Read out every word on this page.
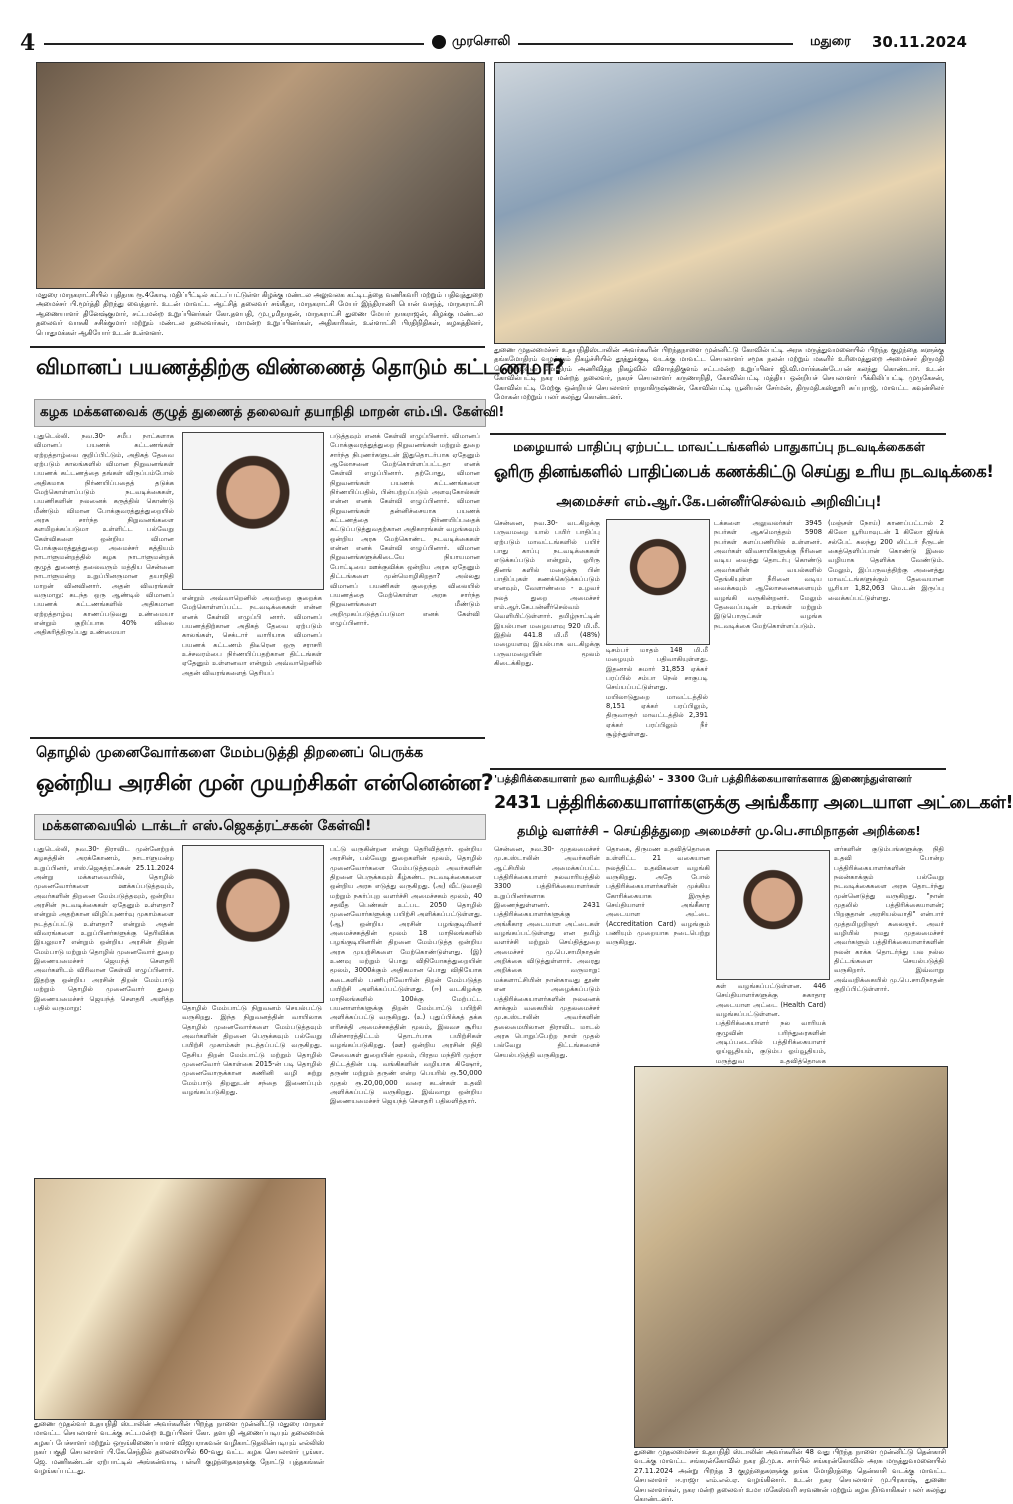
4	முரசொலி	மதுரை 30.11.2024
மதுரை மாநகராட்சியில் புதிதாக ரூ.4கோடி மதிப்பீட்டில் கட்டப்பட்டுள்ள கிழக்கு மண்டல அலுவலக கட்டிடத்தை வணிகவரி மற்றும் பதிவுத்துறை அமைச்சர் பி.மூர்த்தி திறந்து வைத்தார். உடன் மாவட்ட ஆட்சித் தலைவர் சங்கீதா, மாநகராட்சி மேயர் இந்திராணி பொன் வசந்த், மாநகராட்சி ஆணையாளர் தினேஷ்குமார், சட்டமன்ற உறுப்பினர்கள் கோ.தளபதி, மு.பூமிநாதன், மாநகராட்சி துணை மேயர் நாகராஜன், கிழக்கு மண்டல தலைவர் வாசுகி சசிக்குமார் மற்றும் மண்டல தலைவர்கள், மாமன்ற உறுப்பினர்கள், அதிகாரிகள், உள்ளாட்சி பிரதிநிதிகள், கழகத்தினர், பொதுமக்கள் ஆகியோர் உடன் உள்ளனர்.
துணை முதலமைச்சர் உதயநிதிஸ்டாலின் அவர்களின் பிறந்தநாளை முன்னிட்டு கோவில்பட்டி அரசு மருத்துவமனையில் பிறந்த குழந்தை களுக்கு தங்கமோதிரம் வழங்கும் நிகழ்ச்சியில் தூத்துக்குடி வடக்கு மாவட்ட செயலாளர் சமூக நலன் மற்றும் மகளிர் உரிமைத்துறை அமைச்சர் திருமதி பெ.கீதாஜீவன் மோதிரம் அணிவித்த நிகழ்வில் விளாத்திகுளம் சட்டமன்ற உறுப்பினர் ஜி.வி.மார்க்கண்டேயன் கலந்து கொண்டார். உடன் கோவில்பட்டி நகர மன்றத் தலைவர், நகரச் செயலாளர் கருணாநிதி, கோவில்பட்டி மத்திய ஒன்றியச் செயலாளர் பீக்கிலிப்பட்டி முருகேசன், கோவில்பட்டி மேற்கு ஒன்றியச் செயலாளர் ராதாகிருஷ்ணன், கோவில்பட்டி யூனியன் சேர்மன், திருமதி.கஸ்தூரி சுப்புராஜ், மாவட்ட கவுன்சிலர் மோகன் மற்றும் பலர் கலந்து கொண்டனர்.
விமானப் பயணத்திற்கு விண்ணைத் தொடும் கட்டணமா?
கழக மக்களவைக் குழுத் துணைத் தலைவர் தயாநிதி மாறன் எம்.பி. கேள்வி!
புதுடெல்லி. நவ.30- சமீப நாட்களாக விமானப் பயணக் கட்டணங்கள் ஏற்றத்தாழ்வை குறிப்பிட்டும், அதிகத் தேவை ஏற்படும் காலங்களில் விமான நிறுவனங்கள் பயணக் கட்டணத்தை தங்கள் விருப்பம்போல் அதிகமாக நிர்ணயிப்பதைத் தடுக்க மேற்கொள்ளப்படும் நடவடிக்கைகள், பயணிகளின் நலனைக் கருத்தில் கொண்டு மீண்டும் விமான போக்குவரத்துத்துறையில் அரசு சார்ந்த நிறுவனங்களை களமிறக்கப்படுமா உள்ளிட்ட பல்வேறு கேள்விகளை ஒன்றிய விமான போக்குவரத்துத்துறை அமைச்சர் கத்தியம் நாடாளுமன்றத்தில் கழக நாடாளுமன்றக் குழுத் துணைத் தலைவரும் மத்திய சென்னை நாடாளுமன்ற உறுப்பினருமான தயாநிதி மாறன் வினவினார். அதன் விவரங்கள் வருமாறு: கடந்த ஒரு ஆண்டில் விமானப் பயணக் கட்டணங்களில் அதிகமான ஏற்றத்தாழ்வு காணப்படுவது உண்மையா என்றும் குறிப்பாக 40% விலை அதிகரித்திருப்பது உண்மையா
என்றும் அவ்வாறெனில் அவற்றை குறைக்க மேற்கொள்ளப்பட்ட நடவடிக்கைகள் என்ன எனக் கேள்வி எழுப்பி னார். விமானப் பயணத்திற்கான அதிகத் தேவை ஏற்படும் காலங்கள், செக்டார் வாரியாக விமானப் பயணக் கட்டணம் திடீரென ஒரு சராசரி உச்சவரம்பை நிர்ணயிப்பதற்கான திட்டங்கள் ஏதேனும் உள்ளனவா என்றும் அவ்வாறெனில் அதன் விவரங்களைத் தெரியப்
படுத்தவும் எனக் கேள்வி எழுப்பினார். விமானப் போக்குவரத்துத்துறை நிறுவனங்கள் மற்றும் துறை சார்ந்த நிபுணர்களுடன் இதுதொடர்பாக ஏதேனும் ஆலோசனை மேற்கொள்ளப்பட்டதா எனக் கேள்வி எழுப்பினார். தற்போது, விமான நிறுவனங்கள் பயணக் கட்டணங்களை நிர்ணயிப்பதில், பின்பற்றப்படும் அளவுகோல்கள் என்ன எனக் கேள்வி எழுப்பினார். விமான நிறுவனங்கள் தன்னிச்சையாக பயணக் கட்டணத்தை நிர்ணயிப்பதைக் கட்டுப்படுத்துவதற்கான அதிகாரங்கள் வழங்கவும் ஒன்றிய அரசு மேற்கொண்ட நடவடிக்கைகள் என்ன எனக் கேள்வி எழுப்பினார். விமான நிறுவனங்களுக்கிடையே நியாயமான போட்டியை ஊக்குவிக்க ஒன்றிய அரசு ஏதேனும் திட்டங்களை முன்மொழிகிறதா? அல்லது விமானப் பயணிகள் குறைந்த விலையில் பயணத்தை மேற்கொள்ள அரசு சார்ந்த நிறுவனங்களை மீண்டும் அறிமுகப்படுத்தப்படுமா எனக் கேள்வி எழுப்பினார்.
மழையால் பாதிப்பு ஏற்பட்ட மாவட்டங்களில் பாதுகாப்பு நடவடிக்கைகள்
ஓரிரு தினங்களில் பாதிப்பைக் கணக்கிட்டு செய்து உரிய நடவடிக்கை!
அமைச்சர் எம்.ஆர்.கே.பன்னீர்செல்வம் அறிவிப்பு!
சென்னை, நவ.30- வடகிழக்கு பருவமழை யால் பயிர் பாதிப்பு ஏற்படும் மாவட்டங்களில் பயிர் பாது காப்பு நடவடிக்கைகள் எடுக்கப்படும் என்றும், ஓரிரு தினங் களில் மழைக்கு பின் பாதிப்புகள் கணக்கெடுக்கப்படும் எனவும், வேளாண்மை - உழவர் நலத் துறை அமைச்சர் எம்.ஆர்.கே.பன்னீர்செல்வம் வெளியிட்டுள்ளார். தமிழ்நாட்டின் இயல்பான மழையளவு 920 மி.மீ. இதில் 441.8 மி.மீ (48%) மழையளவு இயல்பாக வடகிழக்கு பருவமழையின் மூலம் கிடைக்கிறது.
டிசம்பர் மாதம் 148 மி.மீ மழையும் பதிவாகியுள்ளது. இதனால் சுமார் 31,853 ஏக்கர் பரப்பில் சம்பா நெல் சாகுபடி செய்யப்பட்டுள்ளது. மயிலாடுதுறை மாவட்டத்தில் 8,151 ஏக்கர் பரப்பிலும், திருவாரூர் மாவட்டத்தில் 2,391 ஏக்கர் பரப்பிலும் நீர் சூழ்ந்துள்ளது.
டக்களை அலுவலர்கள் 3945 நபர்கள் ஆகமொத்தம் 5908 நபர்கள் களப்பணியில் உள்ளனர். அவர்கள் விவசாயிகளுக்கு நீரினை வடிய வைத்து தொடர்பு கொண்டு அவர்களின் வயல்களில் தேங்கியுள்ள நீரினை வடிய வைக்கவும் ஆலோசனைகளையும் வழங்கி வருகின்றனர். மேலும் தேவைப்படின் உரங்கள் மற்றும் இடுபொருட்கள் வழங்க நடவடிக்கை மேற்கொள்ளப்படும்.
(மஞ்சள் நோய்) காணப்பட்டால் 2 கிலோ யூரியாவுடன் 1 கிலோ ஜிங்க் சல்பேட் கலந்து 200 லிட்டர் நீருடன் கைத்தெளிப்பான் கொண்டு இலை வழியாக தெளிக்க வேண்டும். மேலும், இப்பருவத்திற்கு அனைத்து மாவட்டங்களுக்கும் தேவையான யூரியா 1,82,063 மெ.டன் இருப்பு வைக்கப்பட்டுள்ளது.
தொழில் முனைவோர்களை மேம்படுத்தி திறனைப் பெருக்க
ஒன்றிய அரசின் முன் முயற்சிகள் என்னென்ன?
மக்களவையில் டாக்டர் எஸ்.ஜெகத்ரட்சகன் கேள்வி!
புதுடெல்லி, நவ.30- திராவிட முன்னேற்றக் கழகத்தின் அரக்கோணம், நாடாளுமன்ற உறுப்பினர், எஸ்.ஜெகத்ரட்சகன் 25.11.2024 அன்று மக்களவையில், தொழில் முனைவோர்களை ஊக்கப்படுத்தவும், அவர்களின் திறனை மேம்படுத்தவும், ஒன்றிய அரசின் நடவடிக்கைகள் ஏதேனும் உள்ளதா? என்றும் அதற்கான விழிப்புணர்வு முகாம்களை நடத்தப்பட்டு உள்ளதா? என்றும் அதன் விவரங்களை உறுப்பினர்களுக்கு தெரிவிக்க இயலுமா? என்றும் ஒன்றிய அரசின் திறன் மேம்பாடு மற்றும் தொழில் முனைவோர் துறை இணையமைச்சர் ஜெயந்த் சௌதரி அவர்களிடம் விரிவான கேள்வி எழுப்பினார். இதற்கு ஒன்றிய அரசின் திறன் மேம்பாடு மற்றும் தொழில் முனைவோர் துறை இணையமைச்சர் ஜெயந்த் சௌதரி அளித்த பதில் வருமாறு:	தொழில் மேம்பாட்டு நிறுவனம் செயல்பட்டு வருகிறது. இந்த நிறுவனத்தின் வாயிலாக தொழில் முனைவோர்களை மேம்படுத்தவும் அவர்களின் திறனை பெருக்கவும் பல்வேறு பயிற்சி முகாம்கள் நடத்தப்பட்டு வருகிறது. தேசிய திறன் மேம்பாட்டு மற்றும் தொழில் முனைவோர் கொள்கை 2015-ன் படி தொழில் முனைவோருக்கான கணினி வழி சுற்று மேம்பாடு திறனுடன் சந்தை இணைப்பும் வழங்கப்படுகிறது.
பட்டு வருகின்றன என்று தெரிவித்தார். ஒன்றிய அரசின், பல்வேறு துறைகளின் மூலம், தொழில் முனைவோர்களை மேம்படுத்தவும் அவர்களின் திறனை பெருக்கவும் கீழ்கண்ட நடவடிக்கைகளை ஒன்றிய அரசு எடுத்து வருகிறது. (அ) வீட்டுவசதி மற்றும் நகர்ப்புற வளர்ச்சி அமைச்சகம் மூலம், 40 சதவீத பெண்கள் உட்பட 2050 தொழில் முனைவோர்களுக்கு பயிற்சி அளிக்கப்பட்டுள்ளது. (ஆ) ஒன்றிய அரசின் பழங்குடியினர் அமைச்சகத்தின் மூலம் 18 மாநிலங்களில் பழங்குடியினரின் திறனை மேம்படுத்த ஒன்றிய அரசு முயற்சிகளை மேற்கொண்டுள்ளது. (இ) உணவு மற்றும் பொது விநியோகத்துறையின் மூலம், 3000க்கும் அதிகமான பொது விநியோக கடைகளில் பணிபுரிவோரின் திறன் மேம்படுத்த பயிற்சி அளிக்கப்பட்டுள்ளது. (ஈ) வடகிழக்கு மாநிலங்களில் 100க்கு மேற்பட்ட பயனாளர்களுக்கு திறன் மேம்பாட்டு பயிற்சி அளிக்கப்பட்டு வருகிறது. (உ) புதுப்பிக்கத் தக்க எரிசக்தி அமைச்சகத்தின் மூலம், இலவச சூரிய மின்சாரத்திட்டம் தொடர்பாக பயிற்சிகள் வழங்கப்படுகிறது. (ஊ) ஒன்றிய அரசின் நிதி சேவைகள் துறையின் மூலம், பிரதம மந்திரி முத்ரா திட்டத்தின் படி வங்கிகளின் வழியாக கிஷோர், தருண் மற்றும் தருண் என்ற பெயரில் ரூ.50,000 முதல் ரூ.20,00,000 வரை கடன்கள் உதவி அளிக்கப்பட்டு வருகிறது. இவ்வாறு ஒன்றிய இணையமைச்சர் ஜெயந்த் சௌதரி பதிலளித்தார்.
'பத்திரிக்கையாளர் நல வாரியத்தில்' – 3300 பேர் பத்திரிக்கையாளர்களாக இணைந்துள்ளனர்
2431 பத்திரிக்கையாளர்களுக்கு அங்கீகார அடையாள அட்டைகள்!
தமிழ் வளர்ச்சி – செய்தித்துறை அமைச்சர் மு.பெ.சாமிநாதன் அறிக்கை!
சென்னை, நவ.30- முதலமைச்சர் மு.க.ஸ்டாலின் அவர்களின் ஆட்சியில் அமைக்கப்பட்ட பத்திரிக்கையாளர் நலவாரியத்தில் 3300 பத்திரிக்கையாளர்கள் உறுப்பினர்களாக இணைந்துள்ளனர். 2431 பத்திரிக்கையாளர்களுக்கு அங்கீகார அடையாள அட்டைகள் வழங்கப்பட்டுள்ளது என தமிழ் வளர்ச்சி மற்றும் செய்தித்துறை அமைச்சர் மு.பெ.சாமிநாதன் அறிக்கை விடுத்துள்ளார். அவரது அறிக்கை வருமாறு: மக்களாட்சியின் நான்காவது தூண் என அழைக்கப்படும் பத்திரிக்கையாளர்களின் நலனைக் காக்கும் வகையில் முதலமைச்சர் மு.க.ஸ்டாலின் அவர்களின் தலைமையிலான திராவிட மாடல் அரசு பொறுப்பேற்ற நாள் முதல் பல்வேறு திட்டங்களைச் செயல்படுத்தி வருகிறது.
தொகை, திருமண உதவித்தொகை உள்ளிட்ட 21 வகையான நலத்திட்ட உதவிகளை வழங்கி வருகிறது. அதே போல் பத்திரிக்கையாளர்களின் முக்கிய கோரிக்கையாக இருந்த செய்தியாளர் அங்கீகார அடையாள அட்டை (Accreditation Card) வழங்கும் பணியும் முறையாக நடைபெற்று வருகிறது.
கள் வழங்கப்பட்டுள்ளன. 446 செய்தியாளர்களுக்கு சுகாதார அடையாள அட்டை (Health Card) வழங்கப்பட்டுள்ளன. பத்திரிக்கையாளர் நல வாரியக் குழுவின் பரிந்துரைகளின் அடிப்படையில் பத்திரிக்கையாளர் ஓய்வூதியம், குடும்ப ஓய்வூதியம், மருத்துவ உதவித்தொகை
ளர்களின் குடும்பங்களுக்கு நிதி உதவி போன்ற பத்திரிக்கையாளர்களின் நலன்காக்கும் பல்வேறு நடவடிக்கைகளை அரசு தொடர்ந்து முன்னெடுத்து வருகிறது. "நான் முதலில் பத்திரிக்கையாளன்; பிறகுதான் அரசியல்வாதி" என்பார் முத்தமிழறிஞர் கலைஞர். அவர் வழியில் நமது முதலமைச்சர் அவர்களும் பத்திரிக்கையாளர்களின் நலன் காக்க தொடர்ந்து பல நல்ல திட்டங்களை செயல்படுத்தி வருகிறார். இவ்வாறு அவ்வறிக்கையில் மு.பெ.சாமிநாதன் குறிப்பிட்டுள்ளார்.
துணை முதல்வர் உதயநிதி ஸ்டாலின் அவர்களின் பிறந்த நாளை முன்னிட்டு மதுரை மாநகர் மாவட்ட செயலாளர் வடக்கு சட்டமன்ற உறுப்பினர் கோ. தளபதி ஆணைப்படியும் தலைமைக் கழகப் பேச்சாளர் மற்றும் ஒருங்கிணைப்பாளர் விஜயராகவன் வழிகாட்டுதலின்படியும் எல்லிஸ் நகர் பகுதி செயலாளர் பி.கே.செந்தில் தலைமையில் 60-வது வட்ட கழக செயலாளர் பூங்கா. ஜெ. மணிகண்டன் ஏற்பாட்டில் அங்கன்வாடி பள்ளி குழந்தைகளுக்கு நோட்டு புத்தகங்கள் வழங்கப்பட்டது.
துணை முதலமைச்சர் உதயநிதி ஸ்டாலின் அவர்களின் 48 வது பிறந்த நாளை முன்னிட்டு தென்காசி வடக்கு மாவட்ட சங்கரன்கோவில் நகர தி.மு.க. சார்பில் சங்கரன்கோவில் அரசு மருத்துவமனையில் 27.11.2024 அன்று பிறந்த 3 குழந்தைகளுக்கு தங்க மோதிரத்தை தென்காசி வடக்கு மாவட்ட செயலாளர் ஈ.ராஜா எம்.எல்.ஏ. வழங்கினார். உடன் நகர செயலாளர் மு.பிரகாஷ், துணை செயலாளர்கள், நகர மன்ற தலைவர் உமா மகேஸ்வரி சரவணன் மற்றும் கழக நிர்வாகிகள் பலர் கலந்து கொண்டனர்.
